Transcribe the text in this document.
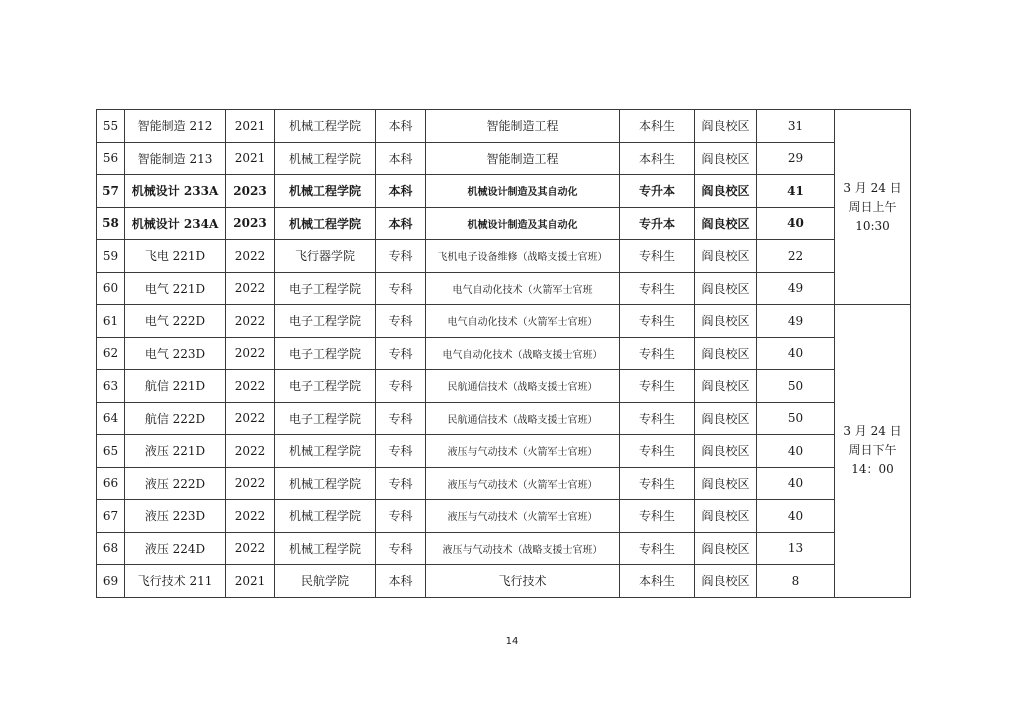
55	智能制造 212	2021	机械工程学院	本科	智能制造工程	本科生	阎良校区	31	3 月 24 日
周日上午
10:30

56	智能制造 213	2021	机械工程学院	本科	智能制造工程	本科生	阎良校区	29	
57	机械设计 233A	2023	机械工程学院	本科	机械设计制造及其自动化	专升本	阎良校区	41	
58	机械设计 234A	2023	机械工程学院	本科	机械设计制造及其自动化	专升本	阎良校区	40	
59	飞电 221D	2022	飞行器学院	专科	飞机电子设备维修（战略支援士官班）	专科生	阎良校区	22	
60	电气 221D	2022	电子工程学院	专科	电气自动化技术（火箭军士官班	专科生	阎良校区	49	
61	电气 222D	2022	电子工程学院	专科	电气自动化技术（火箭军士官班）	专科生	阎良校区	49	3 月 24 日
周日下午
14：00

62	电气 223D	2022	电子工程学院	专科	电气自动化技术（战略支援士官班）	专科生	阎良校区	40	
63	航信 221D	2022	电子工程学院	专科	民航通信技术（战略支援士官班）	专科生	阎良校区	50	
64	航信 222D	2022	电子工程学院	专科	民航通信技术（战略支援士官班）	专科生	阎良校区	50	
65	液压 221D	2022	机械工程学院	专科	液压与气动技术（火箭军士官班）	专科生	阎良校区	40	
66	液压 222D	2022	机械工程学院	专科	液压与气动技术（火箭军士官班）	专科生	阎良校区	40	
67	液压 223D	2022	机械工程学院	专科	液压与气动技术（火箭军士官班）	专科生	阎良校区	40	
68	液压 224D	2022	机械工程学院	专科	液压与气动技术（战略支援士官班）	专科生	阎良校区	13	
69	飞行技术 211	2021	民航学院	本科	飞行技术	本科生	阎良校区	8	
14
